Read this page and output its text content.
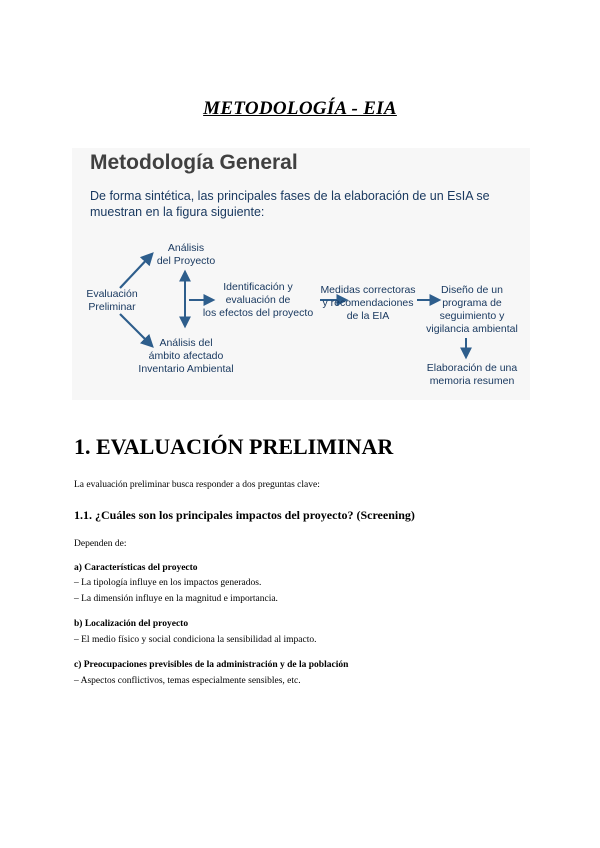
METODOLOGÍA - EIA
Metodología General
De forma sintética, las principales fases de la elaboración de un EsIA se muestran en la figura siguiente:
Evaluación
Preliminar
Análisis
del Proyecto
Análisis del
ámbito afectado
Inventario Ambiental
Identificación y
evaluación de
los efectos del proyecto
Medidas correctoras
y recomendaciones
de la EIA
Diseño de un
programa de
seguimiento y
vigilancia ambiental
Elaboración de una
memoria resumen
1. EVALUACIÓN PRELIMINAR
La evaluación preliminar busca responder a dos preguntas clave:
1.1. ¿Cuáles son los principales impactos del proyecto? (Screening)
Dependen de:
a) Características del proyecto
– La tipología influye en los impactos generados.
– La dimensión influye en la magnitud e importancia.
b) Localización del proyecto
– El medio físico y social condiciona la sensibilidad al impacto.
c) Preocupaciones previsibles de la administración y de la población
– Aspectos conflictivos, temas especialmente sensibles, etc.
